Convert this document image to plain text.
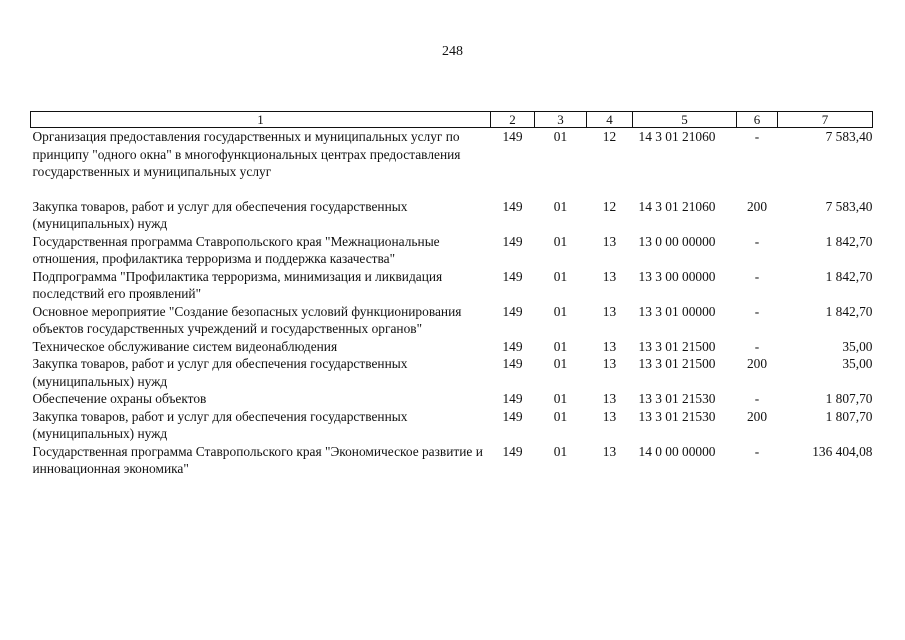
248
1	2	3	4	5	6	7
Организация предоставления государственных и муниципальных услуг по принципу "одного окна" в многофункциональных центрах предоставления государственных и муниципальных услуг	149	01	12	14 3 01 21060	-	7 583,40

Закупка товаров, работ и услуг для обеспечения государственных (муниципальных) нужд	149	01	12	14 3 01 21060	200	7 583,40
Государственная программа Ставропольского края "Межнациональные отношения, профилактика терроризма и поддержка казачества"	149	01	13	13 0 00 00000	-	1 842,70
Подпрограмма "Профилактика терроризма, минимизация и ликвидация последствий его проявлений"	149	01	13	13 3 00 00000	-	1 842,70
Основное мероприятие "Создание безопасных условий функционирования объектов государственных учреждений и государственных органов"	149	01	13	13 3 01 00000	-	1 842,70
Техническое обслуживание систем видеонаблюдения	149	01	13	13 3 01 21500	-	35,00
Закупка товаров, работ и услуг для обеспечения государственных (муниципальных) нужд	149	01	13	13 3 01 21500	200	35,00
Обеспечение охраны объектов	149	01	13	13 3 01 21530	-	1 807,70
Закупка товаров, работ и услуг для обеспечения государственных (муниципальных) нужд	149	01	13	13 3 01 21530	200	1 807,70
Государственная программа Ставропольского края "Экономическое развитие и инновационная экономика"	149	01	13	14 0 00 00000	-	136 404,08
